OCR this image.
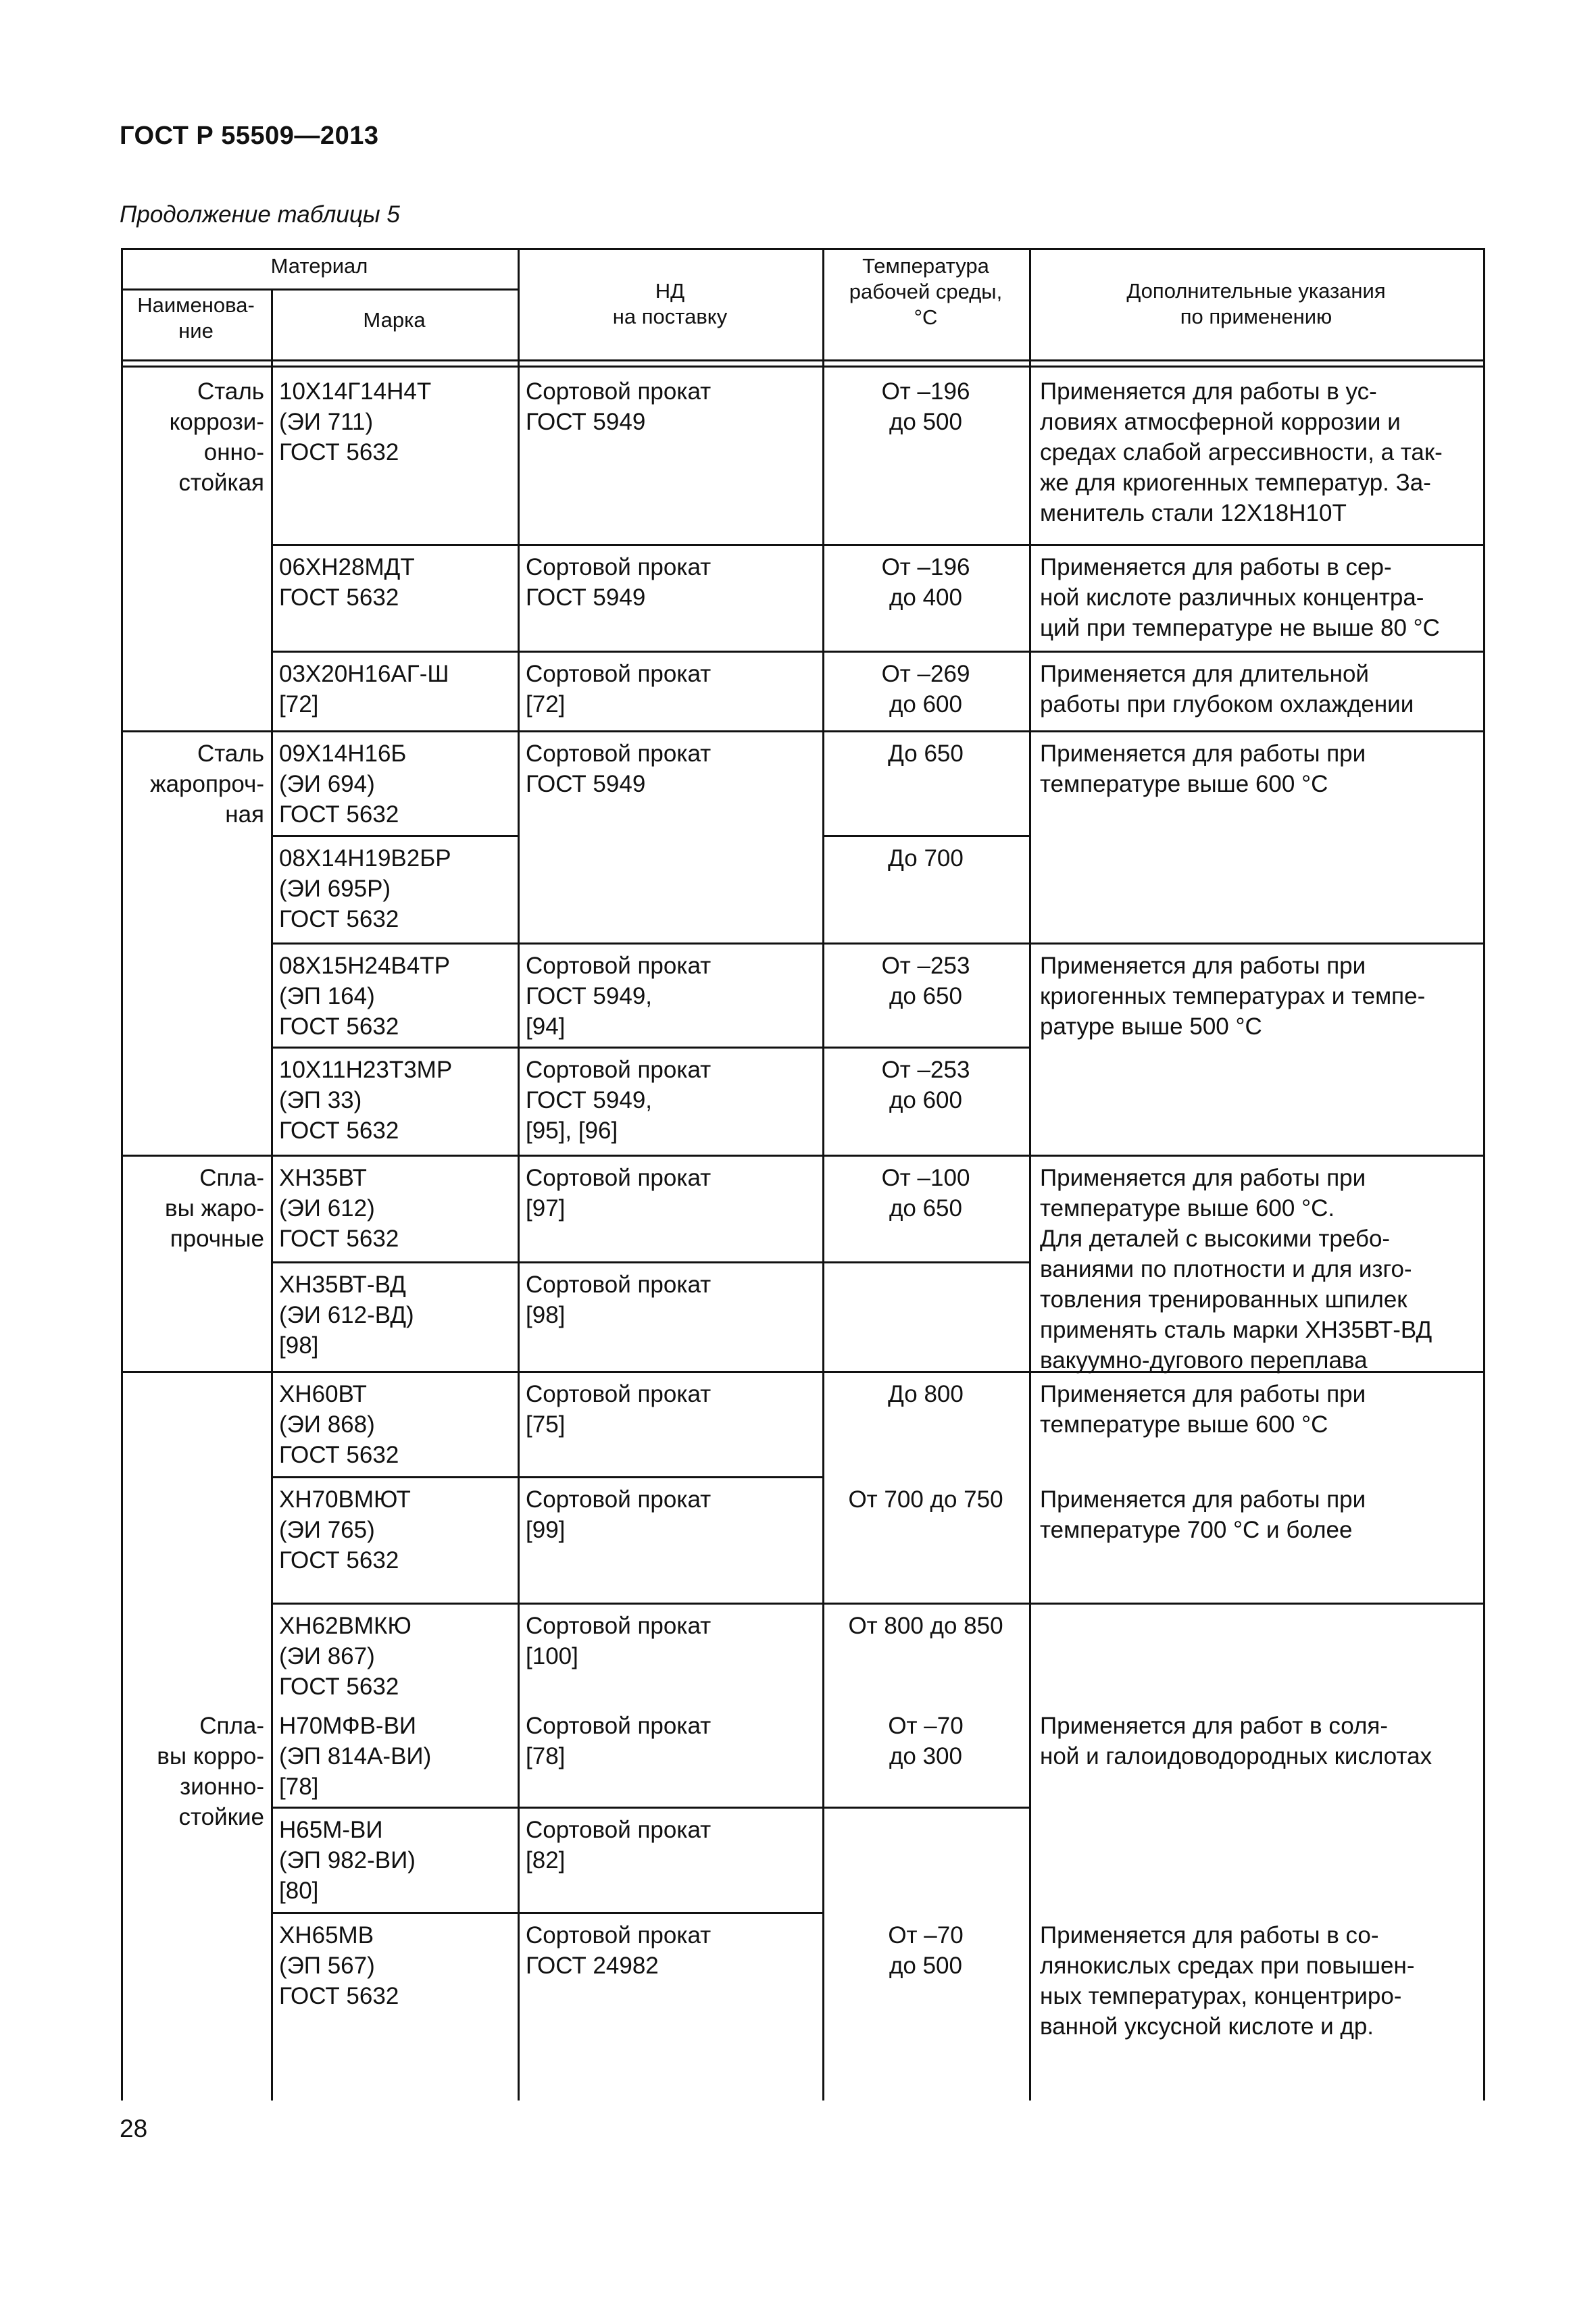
ГОСТ Р 55509—2013
Продолжение таблицы 5
Материал
Наименова-
ние	Марка
НД
на поставку
Температура
рабочей среды,
°C
Дополнительные указания
по применению
Сталь
коррози-
онно-
стойкая
Сталь
жаропроч-
ная
Спла-
вы жаро-
прочные
Спла-
вы корро-
зионно-
стойкие
10Х14Г14Н4Т
(ЭИ 711)
ГОСТ 5632
06ХН28МДТ
ГОСТ 5632
03Х20Н16АГ-Ш
[72]
09Х14Н16Б
(ЭИ 694)
ГОСТ 5632
08Х14Н19В2БР
(ЭИ 695Р)
ГОСТ 5632
08Х15Н24В4ТР
(ЭП 164)
ГОСТ 5632
10Х11Н23Т3МР
(ЭП 33)
ГОСТ 5632
ХН35ВТ
(ЭИ 612)
ГОСТ 5632
ХН35ВТ-ВД
(ЭИ 612-ВД)
[98]
ХН60ВТ
(ЭИ 868)
ГОСТ 5632
ХН70ВМЮТ
(ЭИ 765)
ГОСТ 5632
ХН62ВМКЮ
(ЭИ 867)
ГОСТ 5632
Н70МФВ-ВИ
(ЭП 814А-ВИ)
[78]
Н65М-ВИ
(ЭП 982-ВИ)
[80]
ХН65МВ
(ЭП 567)
ГОСТ 5632
Сортовой прокат
ГОСТ 5949
Сортовой прокат
ГОСТ 5949
Сортовой прокат
[72]
Сортовой прокат
ГОСТ 5949
Сортовой прокат
ГОСТ 5949,
[94]
Сортовой прокат
ГОСТ 5949,
[95], [96]
Сортовой прокат
[97]
Сортовой прокат
[98]
Сортовой прокат
[75]
Сортовой прокат
[99]
Сортовой прокат
[100]
Сортовой прокат
[78]
Сортовой прокат
[82]
Сортовой прокат
ГОСТ 24982
От –196
до 500
От –196
до 400
От –269
до 600
До 650
До 700
От –253
до 650
От –253
до 600
От –100
до 650
До 800
От 700 до 750
От 800 до 850
От –70
до 300
От –70
до 500
Применяется для работы в ус-
ловиях атмосферной коррозии и
средах слабой агрессивности, а так-
же для криогенных температур. За-
менитель стали 12Х18Н10Т
Применяется для работы в сер-
ной кислоте различных концентра-
ций при температуре не выше 80 °C
Применяется для длительной
работы при глубоком охлаждении
Применяется для работы при
температуре выше 600 °C
Применяется для работы при
криогенных температурах и темпе-
ратуре выше 500 °C
Применяется для работы при
температуре выше 600 °C.
Для деталей с высокими требо-
ваниями по плотности и для изго-
товления тренированных шпилек
применять сталь марки ХН35ВТ-ВД
вакуумно-дугового переплава
Применяется для работы при
температуре выше 600 °C
Применяется для работы при
температуре 700 °C и более
Применяется для работ в соля-
ной и галоидоводородных кислотах
Применяется для работы в со-
лянокислых средах при повышен-
ных температурах, концентриро-
ванной уксусной кислоте и др.
28
